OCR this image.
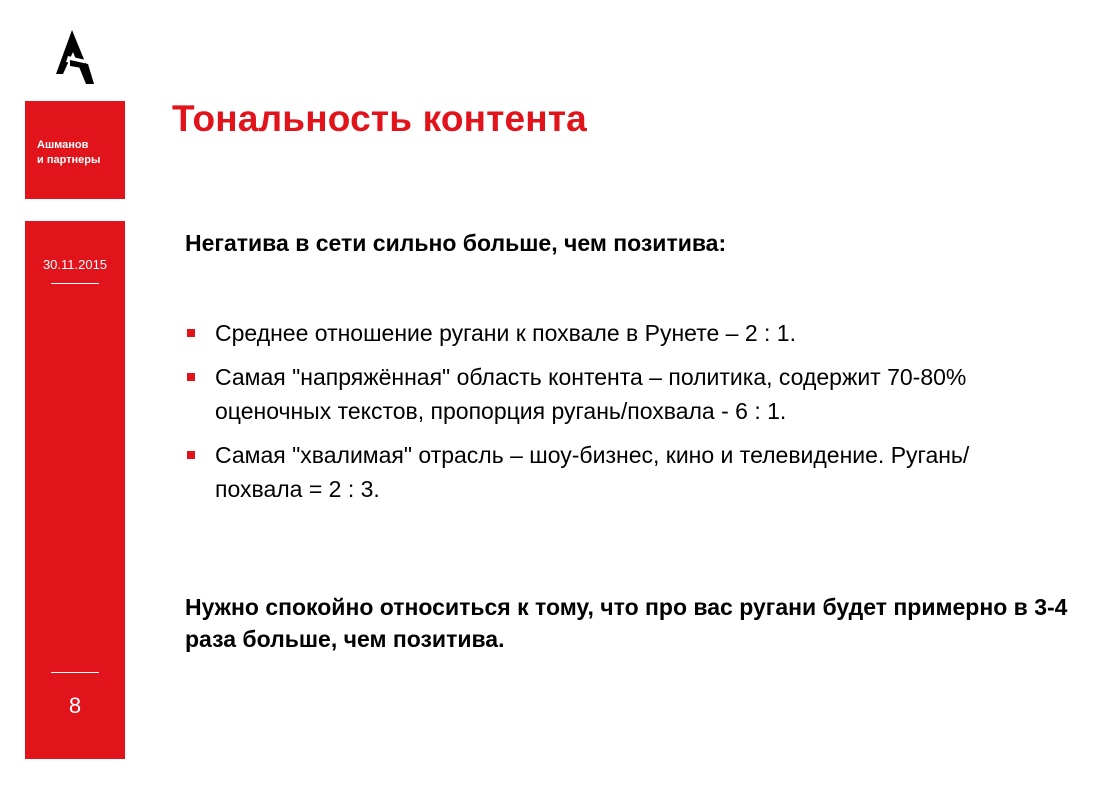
Ашманов
и партнеры
30.11.2015
8
Тональность контента

Негатива в сети сильно больше, чем позитива:

Среднее отношение ругани к похвале в Рунете – 2 : 1.
Самая "напряжённая" область контента – политика, содержит 70-80% оценочных текстов, пропорция ругань/похвала - 6 : 1.
Самая "хвалимая" отрасль – шоу-бизнес, кино и телевидение. Ругань/похвала = 2 : 3.

Нужно спокойно относиться к тому, что про вас ругани будет примерно в 3-4 раза больше, чем позитива.
